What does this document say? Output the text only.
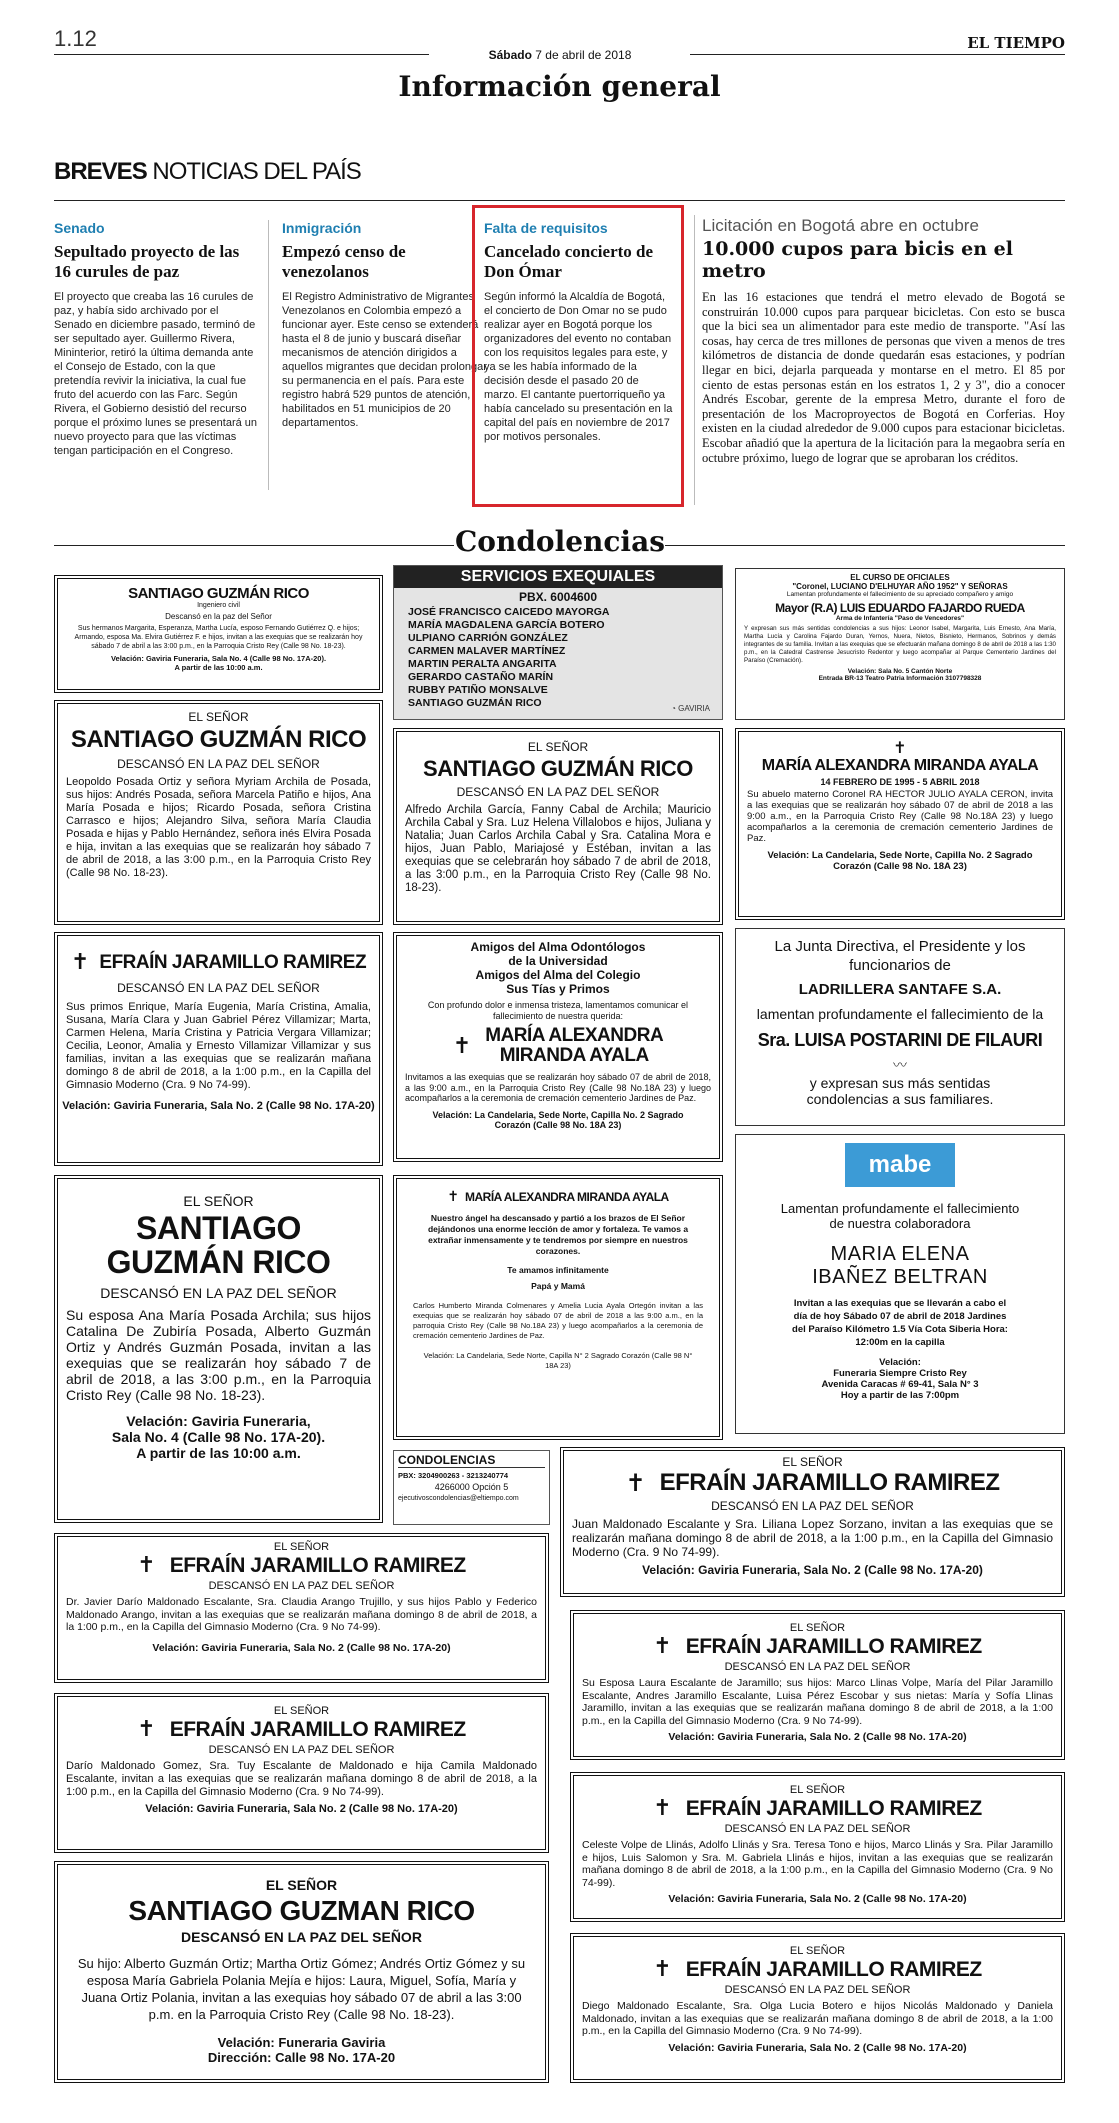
1.12
Sábado 7 de abril de 2018
EL TIEMPO
Información general
BREVES NOTICIAS DEL PAÍS
Senado
Sepultado proyecto de las 16 curules de paz
El proyecto que creaba las 16 curules de paz, y había sido archivado por el Senado en diciembre pasado, terminó de ser sepultado ayer. Guillermo Rivera, Mininterior, retiró la última demanda ante el Consejo de Estado, con la que pretendía revivir la iniciativa, la cual fue fruto del acuerdo con las Farc. Según Rivera, el Gobierno desistió del recurso porque el próximo lunes se presentará un nuevo proyecto para que las víctimas tengan participación en el Congreso.
Inmigración
Empezó censo de venezolanos
El Registro Administrativo de Migrantes Venezolanos en Colombia empezó a funcionar ayer. Este censo se extenderá hasta el 8 de junio y buscará diseñar mecanismos de atención dirigidos a aquellos migrantes que decidan prolongar su permanencia en el país. Para este registro habrá 529 puntos de atención, habilitados en 51 municipios de 20 departamentos.
Falta de requisitos
Cancelado concierto de Don Ómar
Según informó la Alcaldía de Bogotá, el concierto de Don Omar no se pudo realizar ayer en Bogotá porque los organizadores del evento no contaban con los requisitos legales para este, y ya se les había informado de la decisión desde el pasado 20 de marzo. El cantante puertorriqueño ya había cancelado su presentación en la capital del país en noviembre de 2017 por motivos personales.
Licitación en Bogotá abre en octubre
10.000 cupos para bicis en el metro
En las 16 estaciones que tendrá el metro elevado de Bogotá se construirán 10.000 cupos para parquear bicicletas. Con esto se busca que la bici sea un alimentador para este medio de transporte. "Así las cosas, hay cerca de tres millones de personas que viven a menos de tres kilómetros de distancia de donde quedarán esas estaciones, y podrían llegar en bici, dejarla parqueada y montarse en el metro. El 85 por ciento de estas personas están en los estratos 1, 2 y 3", dio a conocer Andrés Escobar, gerente de la empresa Metro, durante el foro de presentación de los Macroproyectos de Bogotá en Corferias. Hoy existen en la ciudad alrededor de 9.000 cupos para estacionar bicicletas. Escobar añadió que la apertura de la licitación para la megaobra sería en octubre próximo, luego de lograr que se aprobaran los créditos.
Condolencias
SANTIAGO GUZMÁN RICO
Ingeniero civil
Descansó en la paz del Señor
Sus hermanos Margarita, Esperanza, Martha Lucía, esposo Fernando Gutiérrez Q. e hijos; Armando, esposa Ma. Elvira Gutiérrez F. e hijos, invitan a las exequias que se realizarán hoy sábado 7 de abril a las 3:00 p.m., en la Parroquia Cristo Rey (Calle 98 No. 18-23).
Velación: Gaviria Funeraria, Sala No. 4 (Calle 98 No. 17A-20).
A partir de las 10:00 a.m.
EL SEÑOR
SANTIAGO GUZMÁN RICO
DESCANSÓ EN LA PAZ DEL SEÑOR
Leopoldo Posada Ortiz y señora Myriam Archila de Posada, sus hijos: Andrés Posada, señora Marcela Patiño e hijos, Ana María Posada e hijos; Ricardo Posada, señora Cristina Carrasco e hijos; Alejandro Silva, señora María Claudia Posada e hijas y Pablo Hernández, señora inés Elvira Posada e hija, invitan a las exequias que se realizarán hoy sábado 7 de abril de 2018, a las 3:00 p.m., en la Parroquia Cristo Rey (Calle 98 No. 18-23).
✝ EFRAÍN JARAMILLO RAMIREZ
DESCANSÓ EN LA PAZ DEL SEÑOR
Sus primos Enrique, María Eugenia, María Cristina, Amalia, Susana, María Clara y Juan Gabriel Pérez Villamizar; Marta, Carmen Helena, María Cristina y Patricia Vergara Villamizar; Cecilia, Leonor, Amalia y Ernesto Villamizar Villamizar y sus familias, invitan a las exequias que se realizarán mañana domingo 8 de abril de 2018, a la 1:00 p.m., en la Capilla del Gimnasio Moderno (Cra. 9 No 74-99).
Velación: Gaviria Funeraria, Sala No. 2 (Calle 98 No. 17A-20)
EL SEÑOR
SANTIAGO
GUZMÁN RICO
DESCANSÓ EN LA PAZ DEL SEÑOR
Su esposa Ana María Posada Archila; sus hijos Catalina De Zubiría Posada, Alberto Guzmán Ortiz y Andrés Guzmán Posada, invitan a las exequias que se realizarán hoy sábado 7 de abril de 2018, a las 3:00 p.m., en la Parroquia Cristo Rey (Calle 98 No. 18-23).
Velación: Gaviria Funeraria,
Sala No. 4 (Calle 98 No. 17A-20).
A partir de las 10:00 a.m.
SERVICIOS EXEQUIALES
PBX. 6004600
JOSÉ FRANCISCO CAICEDO MAYORGA
MARÍA MAGDALENA GARCÍA BOTERO
ULPIANO CARRIÓN GONZÁLEZ
CARMEN MALAVER MARTÍNEZ
MARTIN PERALTA ANGARITA
GERARDO CASTAÑO MARÍN
RUBBY PATIÑO MONSALVE
SANTIAGO GUZMÁN RICO	◔ GAVIRIA
EL SEÑOR
SANTIAGO GUZMÁN RICO
DESCANSÓ EN LA PAZ DEL SEÑOR
Alfredo Archila García, Fanny Cabal de Archila; Mauricio Archila Cabal y Sra. Luz Helena Villalobos e hijos, Juliana y Natalia; Juan Carlos Archila Cabal y Sra. Catalina Mora e hijos, Juan Pablo, Mariajosé y Estéban, invitan a las exequias que se celebrarán hoy sábado 7 de abril de 2018, a las 3:00 p.m., en la Parroquia Cristo Rey (Calle 98 No. 18-23).
Amigos del Alma Odontólogos
de la Universidad
Amigos del Alma del Colegio
Sus Tías y Primos
Con profundo dolor e inmensa tristeza, lamentamos comunicar el fallecimiento de nuestra querida:
✝ MARÍA ALEXANDRA
MIRANDA AYALA
Invitamos a las exequias que se realizarán hoy sábado 07 de abril de 2018, a las 9:00 a.m., en la Parroquia Cristo Rey (Calle 98 No.18A 23) y luego acompañarlos a la ceremonia de cremación cementerio Jardines de Paz.
Velación: La Candelaria, Sede Norte, Capilla No. 2 Sagrado Corazón (Calle 98 No. 18A 23)
✝ MARÍA ALEXANDRA MIRANDA AYALA
Nuestro ángel ha descansado y partió a los brazos de El Señor dejándonos una enorme lección de amor y fortaleza. Te vamos a extrañar inmensamente y te tendremos por siempre en nuestros corazones.
Te amamos infinitamente
Papá y Mamá
Carlos Humberto Miranda Colmenares y Amelia Lucia Ayala Ortegón invitan a las exequias que se realizarán hoy sábado 07 de abril de 2018 a las 9:00 a.m., en la parroquia Cristo Rey (Calle 98 No.18A 23) y luego acompañarlos a la ceremonia de cremación cementerio Jardines de Paz.
Velación: La Candelaria, Sede Norte, Capilla N° 2 Sagrado Corazón (Calle 98 N° 18A 23)
CONDOLENCIAS
PBX: 3204900263 - 3213240774
4266000 Opción 5
ejecutivoscondolencias@eltiempo.com
EL CURSO DE OFICIALES
"Coronel, LUCIANO D'ELHUYAR AÑO 1952" Y SEÑORAS
Lamentan profundamente el fallecimiento de su apreciado compañero y amigo
Mayor (R.A) LUIS EDUARDO FAJARDO RUEDA
Arma de Infantería "Paso de Vencedores"
Y expresan sus más sentidas condolencias a sus hijos: Leonor Isabel, Margarita, Luis Ernesto, Ana María, Martha Lucía y Carolina Fajardo Duran, Yernos, Nuera, Nietos, Bisnieto, Hermanos, Sobrinos y demás integrantes de su familia. Invitan a las exequias que se efectuarán mañana domingo 8 de abril de 2018 a las 1:30 p.m., en la Catedral Castrense Jesucristo Redentor y luego acompañar al Parque Cementerio Jardines del Paraíso (Cremación).
Velación: Sala No. 5 Cantón Norte
Entrada BR-13 Teatro Patria Información 3107798328
✝
MARÍA ALEXANDRA MIRANDA AYALA
14 FEBRERO DE 1995 - 5 ABRIL 2018
Su abuelo materno Coronel RA HECTOR JULIO AYALA CERON, invita a las exequias que se realizarán hoy sábado 07 de abril de 2018 a las 9:00 a.m., en la Parroquia Cristo Rey (Calle 98 No.18A 23) y luego acompañarlos a la ceremonia de cremación cementerio Jardines de Paz.
Velación: La Candelaria, Sede Norte, Capilla No. 2 Sagrado Corazón (Calle 98 No. 18A 23)
La Junta Directiva, el Presidente y los
funcionarios de
LADRILLERA SANTAFE S.A.
lamentan profundamente el fallecimiento de la
Sra. LUISA POSTARINI DE FILAURI
〰
y expresan sus más sentidas
condolencias a sus familiares.
mabe
Lamentan profundamente el fallecimiento
de nuestra colaboradora
MARIA ELENA
IBAÑEZ BELTRAN
Invitan a las exequias que se llevarán a cabo el día de hoy Sábado 07 de abril de 2018 Jardines del Paraíso Kilómetro 1.5 Vía Cota Siberia Hora: 12:00m en la capilla
Velación:
Funeraria Siempre Cristo Rey
Avenida Caracas # 69-41, Sala N° 3
Hoy a partir de las 7:00pm
EL SEÑOR
✝ EFRAÍN JARAMILLO RAMIREZ
DESCANSÓ EN LA PAZ DEL SEÑOR
Juan Maldonado Escalante y Sra. Liliana Lopez Sorzano, invitan a las exequias que se realizarán mañana domingo 8 de abril de 2018, a la 1:00 p.m., en la Capilla del Gimnasio Moderno (Cra. 9 No 74-99).
Velación: Gaviria Funeraria, Sala No. 2 (Calle 98 No. 17A-20)
EL SEÑOR
✝ EFRAÍN JARAMILLO RAMIREZ
DESCANSÓ EN LA PAZ DEL SEÑOR
Dr. Javier Darío Maldonado Escalante, Sra. Claudia Arango Trujillo, y sus hijos Pablo y Federico Maldonado Arango, invitan a las exequias que se realizarán mañana domingo 8 de abril de 2018, a la 1:00 p.m., en la Capilla del Gimnasio Moderno (Cra. 9 No 74-99).
Velación: Gaviria Funeraria, Sala No. 2 (Calle 98 No. 17A-20)
EL SEÑOR
✝ EFRAÍN JARAMILLO RAMIREZ
DESCANSÓ EN LA PAZ DEL SEÑOR
Darío Maldonado Gomez, Sra. Tuy Escalante de Maldonado e hija Camila Maldonado Escalante, invitan a las exequias que se realizarán mañana domingo 8 de abril de 2018, a la 1:00 p.m., en la Capilla del Gimnasio Moderno (Cra. 9 No 74-99).
Velación: Gaviria Funeraria, Sala No. 2 (Calle 98 No. 17A-20)
EL SEÑOR
SANTIAGO GUZMAN RICO
DESCANSÓ EN LA PAZ DEL SEÑOR
Su hijo: Alberto Guzmán Ortiz; Martha Ortiz Gómez; Andrés Ortiz Gómez y su esposa María Gabriela Polania Mejía e hijos: Laura, Miguel, Sofía, María y Juana Ortiz Polania, invitan a las exequias hoy sábado 07 de abril a las 3:00 p.m. en la Parroquia Cristo Rey (Calle 98 No. 18-23).
Velación: Funeraria Gaviria
Dirección: Calle 98 No. 17A-20
EL SEÑOR
✝ EFRAÍN JARAMILLO RAMIREZ
DESCANSÓ EN LA PAZ DEL SEÑOR
Su Esposa Laura Escalante de Jaramillo; sus hijos: Marco Llinas Volpe, María del Pilar Jaramillo Escalante, Andres Jaramillo Escalante, Luisa Pérez Escobar y sus nietas: María y Sofía Llinas Jaramillo, invitan a las exequias que se realizarán mañana domingo 8 de abril de 2018, a la 1:00 p.m., en la Capilla del Gimnasio Moderno (Cra. 9 No 74-99).
Velación: Gaviria Funeraria, Sala No. 2 (Calle 98 No. 17A-20)
EL SEÑOR
✝ EFRAÍN JARAMILLO RAMIREZ
DESCANSÓ EN LA PAZ DEL SEÑOR
Celeste Volpe de Llinás, Adolfo Llinás y Sra. Teresa Tono e hijos, Marco Llinás y Sra. Pilar Jaramillo e hijos, Luis Salomon y Sra. M. Gabriela Llinás e hijos, invitan a las exequias que se realizarán mañana domingo 8 de abril de 2018, a la 1:00 p.m., en la Capilla del Gimnasio Moderno (Cra. 9 No 74-99).
Velación: Gaviria Funeraria, Sala No. 2 (Calle 98 No. 17A-20)
EL SEÑOR
✝ EFRAÍN JARAMILLO RAMIREZ
DESCANSÓ EN LA PAZ DEL SEÑOR
Diego Maldonado Escalante, Sra. Olga Lucia Botero e hijos Nicolás Maldonado y Daniela Maldonado, invitan a las exequias que se realizarán mañana domingo 8 de abril de 2018, a la 1:00 p.m., en la Capilla del Gimnasio Moderno (Cra. 9 No 74-99).
Velación: Gaviria Funeraria, Sala No. 2 (Calle 98 No. 17A-20)
